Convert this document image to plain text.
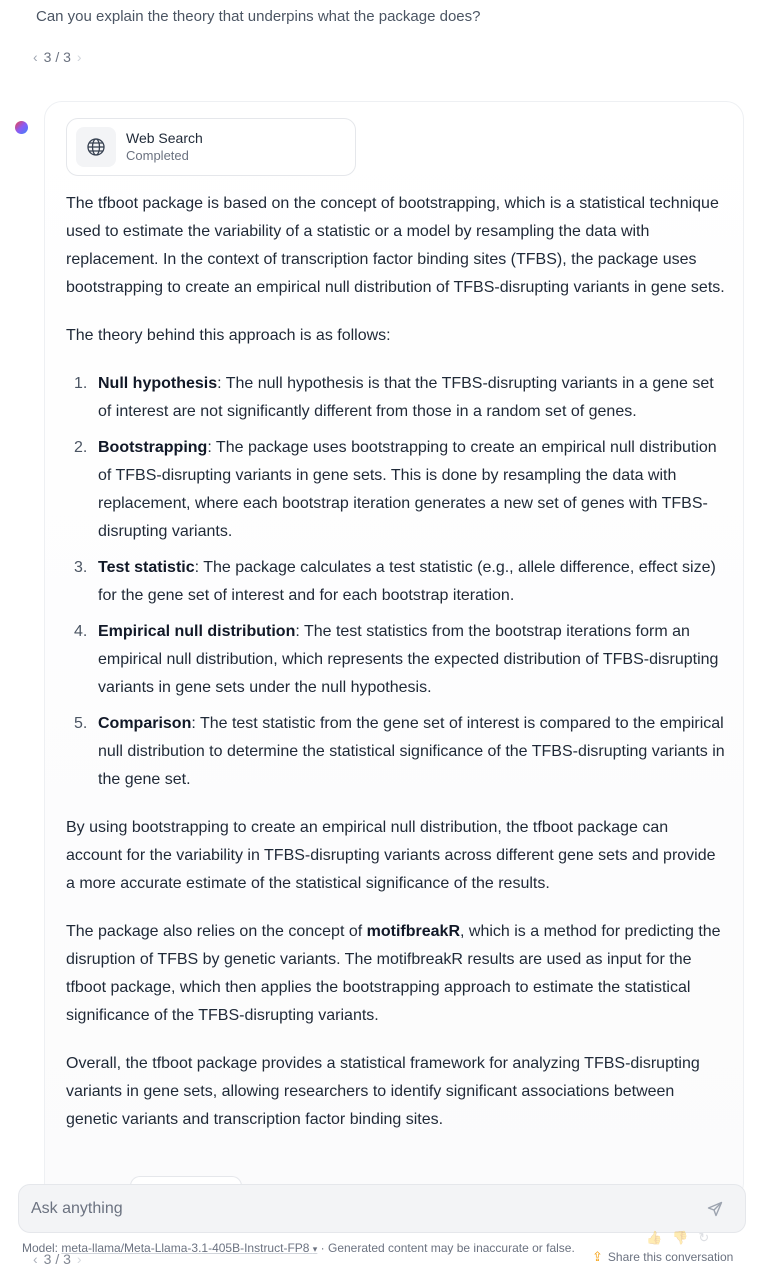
Can you explain the theory that underpins what the package does?
‹ 3 / 3 ›
Web Search
Completed

The tfboot package is based on the concept of bootstrapping, which is a statistical technique used to estimate the variability of a statistic or a model by resampling the data with replacement. In the context of transcription factor binding sites (TFBS), the package uses bootstrapping to create an empirical null distribution of TFBS-disrupting variants in gene sets.

The theory behind this approach is as follows:

1. Null hypothesis: The null hypothesis is that the TFBS-disrupting variants in a gene set of interest are not significantly different from those in a random set of genes.
2. Bootstrapping: The package uses bootstrapping to create an empirical null distribution of TFBS-disrupting variants in gene sets. This is done by resampling the data with replacement, where each bootstrap iteration generates a new set of genes with TFBS-disrupting variants.
3. Test statistic: The package calculates a test statistic (e.g., allele difference, effect size) for the gene set of interest and for each bootstrap iteration.
4. Empirical null distribution: The test statistics from the bootstrap iterations form an empirical null distribution, which represents the expected distribution of TFBS-disrupting variants in gene sets under the null hypothesis.
5. Comparison: The test statistic from the gene set of interest is compared to the empirical null distribution to determine the statistical significance of the TFBS-disrupting variants in the gene set.

By using bootstrapping to create an empirical null distribution, the tfboot package can account for the variability in TFBS-disrupting variants across different gene sets and provide a more accurate estimate of the statistical significance of the results.

The package also relies on the concept of motifbreakR, which is a method for predicting the disruption of TFBS by genetic variants. The motifbreakR results are used as input for the tfboot package, which then applies the bootstrapping approach to estimate the statistical significance of the TFBS-disrupting variants.

Overall, the tfboot package provides a statistical framework for analyzing TFBS-disrupting variants in gene sets, allowing researchers to identify significant associations between genetic variants and transcription factor binding sites.

Ask anything
👍 👎 ↻
‹ 3 / 3 ›
Model: meta-llama/Meta-Llama-3.1-405B-Instruct-FP8 ▾ · Generated content may be inaccurate or false.
⇪ Share this conversation
